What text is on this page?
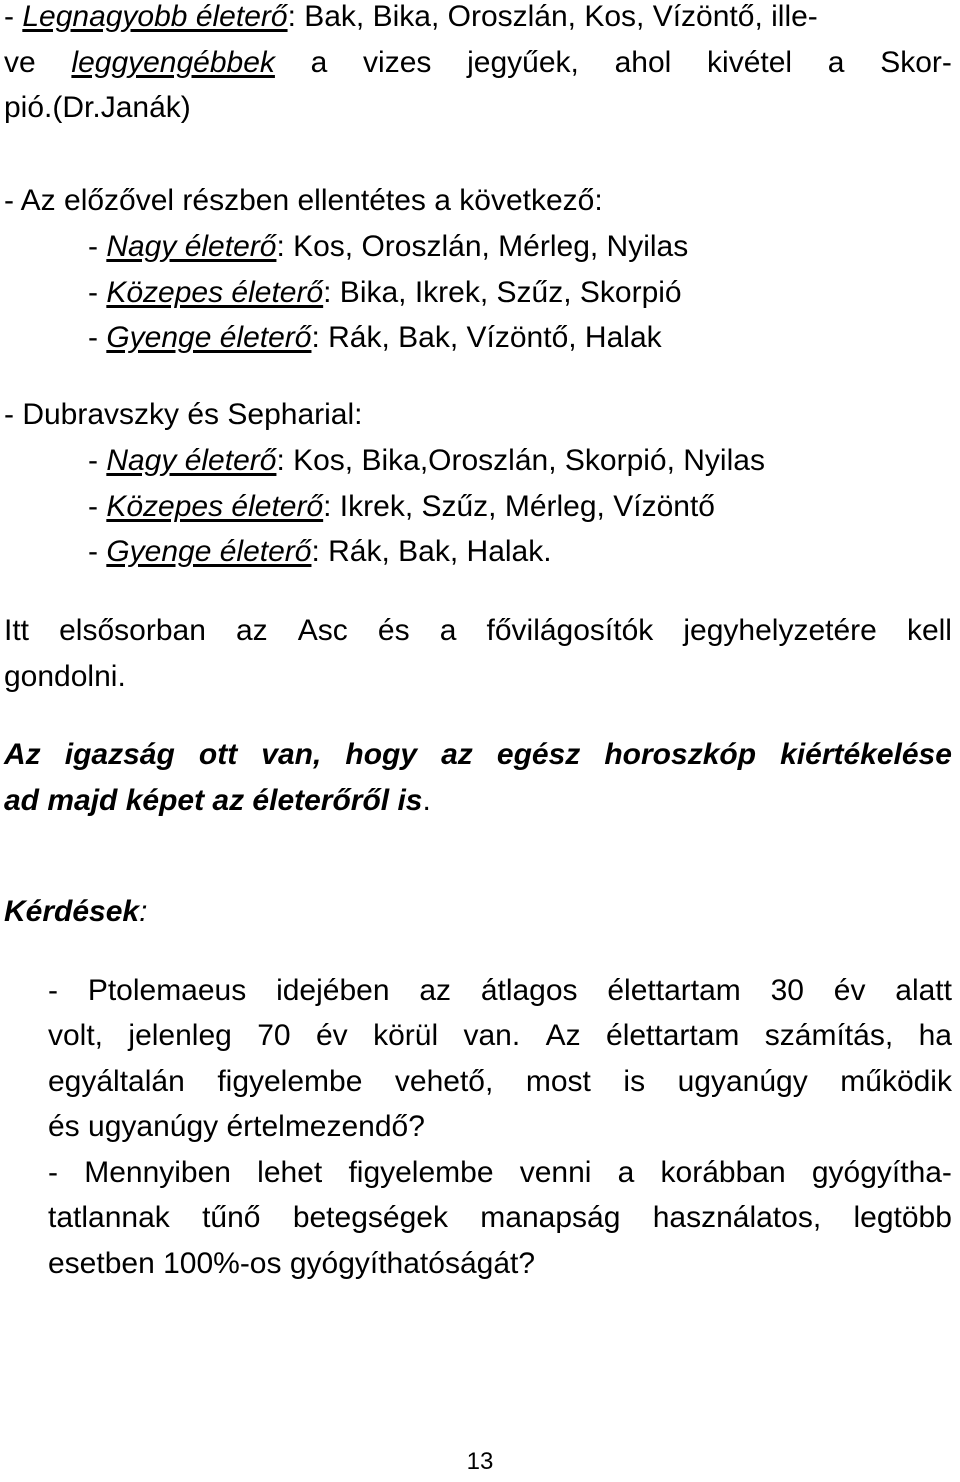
- Legnagyobb életerő: Bak, Bika, Oroszlán, Kos, Vízöntő, ille-
ve leggyengébbek a vizes jegyűek, ahol kivétel a Skor-
pió.(Dr.Janák)
- Az előzővel részben ellentétes a következő:
- Nagy életerő: Kos, Oroszlán, Mérleg, Nyilas
- Közepes életerő: Bika, Ikrek, Szűz, Skorpió
- Gyenge életerő: Rák, Bak, Vízöntő, Halak
- Dubravszky és Sepharial:
- Nagy életerő: Kos, Bika,Oroszlán, Skorpió, Nyilas
- Közepes életerő: Ikrek, Szűz, Mérleg, Vízöntő
- Gyenge életerő: Rák, Bak, Halak.
Itt elsősorban az Asc és a fővilágosítók jegyhelyzetére kell
gondolni.
Az igazság ott van, hogy az egész horoszkóp kiértékelése
ad majd képet az életerőről is.
Kérdések:
- Ptolemaeus idejében az átlagos élettartam 30 év alatt
volt, jelenleg 70 év körül van. Az élettartam számítás, ha
egyáltalán figyelembe vehető, most is ugyanúgy működik
és ugyanúgy értelmezendő?
- Mennyiben lehet figyelembe venni a korábban gyógyítha-
tatlannak tűnő betegségek manapság használatos, legtöbb
esetben 100%-os gyógyíthatóságát?
13
